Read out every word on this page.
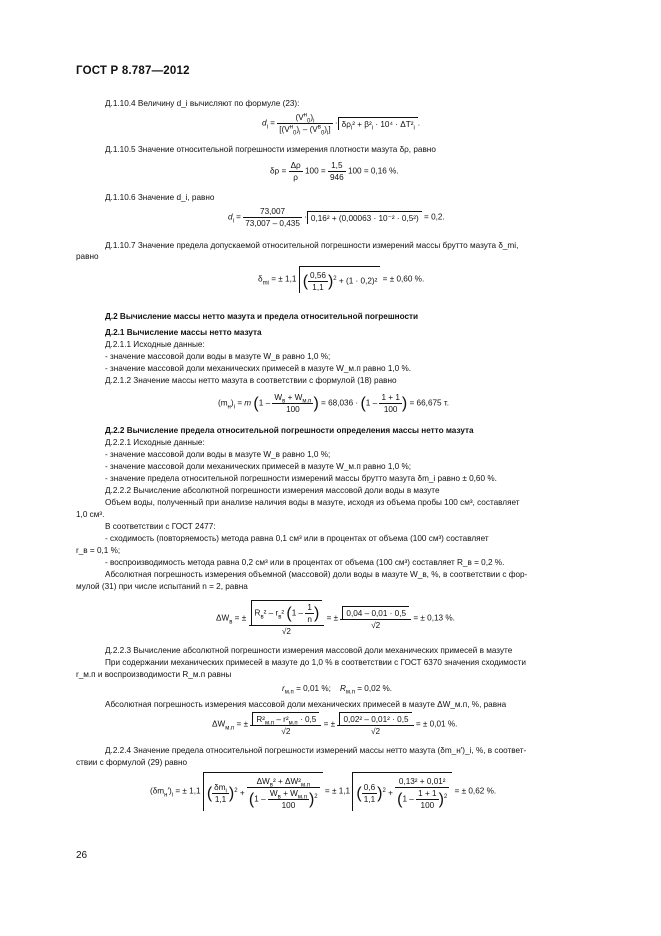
ГОСТ Р 8.787—2012
Д.1.10.4 Величину d_i вычисляют по формуле (23):
$d_i = \frac{(V^н_0)_i}{[(V^н_0)_i - (V^в_0)_i]} \cdot \delta\rho_i^2 + \beta^2_i \cdot 10^4 \cdot \Delta T^2_i$.
Д.1.10.5 Значение относительной погрешности измерения плотности мазута δρ, равно
$\delta\rho = \frac{\Delta\rho}{\rho} 100 = \frac{1,5}{946} 100 = 0,16$ %.
Д.1.10.6 Значение d_i, равно
$d_i = \frac{73,007}{73,007 - 0,435} \cdot 0,16^2 + (0,00063 \cdot 10^{-2} \cdot 0,5^2) = 0,2$.
Д.1.10.7 Значение предела допускаемой относительной погрешности измерений массы брутто мазута δ_mi,
равно
$\delta_{mi}$ = ± 1,1 ( $\frac{0,56}{1,1} )^2 + (1 \cdot 0,2)^2$ = ± 0,60 %.
Д.2 Вычисление массы нетто мазута и предела относительной погрешности
Д.2.1 Вычисление массы нетто мазута
Д.2.1.1 Исходные данные:
- значение массовой доли воды в мазуте W_в равно 1,0 %;
- значение массовой доли механических примесей в мазуте W_м.п равно 1,0 %.
Д.2.1.2 Значение массы нетто мазута в соответствии с формулой (18) равно
$(m_н)_i = m$ ($1 - \frac{W_в + W_{м.п}}{100}$ ) = $68,036 \cdot (1 - \frac{1 + 1}{100}$ ) = 66,675 т.
Д.2.2 Вычисление предела относительной погрешности определения массы нетто мазута
Д.2.2.1 Исходные данные:
- значение массовой доли воды в мазуте W_в равно 1,0 %;
- значение массовой доли механических примесей в мазуте W_м.п равно 1,0 %;
- значение предела относительной погрешности измерений массы брутто мазута δm_i равно ± 0,60 %.
Д.2.2.2 Вычисление абсолютной погрешности измерения массовой доли воды в мазуте
Объем воды, полученный при анализе наличия воды в мазуте, исходя из объема пробы 100 см³, составляет
1,0 см³.
В соответствии с ГОСТ 2477:
- сходимость (повторяемость) метода равна 0,1 см³ или в процентах от объема (100 см³) составляет
r_в = 0,1 %;
- воспроизводимость метода равна 0,2 см³ или в процентах от объема (100 см³) составляет R_в = 0,2 %.
Абсолютная погрешность измерения объемной (массовой) доли воды в мазуте W_в, %, в соответствии с фор-
мулой (31) при числе испытаний n = 2, равна
$\Delta W_в$ = ± $\frac{R_в^2 - r_в^2 (1 - \frac{1}{n} )}{√2}$ = ± $\frac{0,04 - 0,01 \cdot 0,5}{√2}$ = ± 0,13 %.
Д.2.2.3 Вычисление абсолютной погрешности измерения массовой доли механических примесей в мазуте
При содержании механических примесей в мазуте до 1,0 % в соответствии с ГОСТ 6370 значения сходимости
r_м.п и воспроизводимости R_м.п равны
$r_{м.п} = 0,01$ %; $R_{м.п} = 0,02$ %.
Абсолютная погрешность измерения массовой доли механических примесей в мазуте ΔW_м.п, %, равна
$\Delta W_{м.п}$ = ± $\frac{R^2_{м.п} - r^2_{м.п} \cdot 0,5}{√2}$ = ± $\frac{\text{0,02² – 0,01² · 0,5}}{√2}$ = ± 0,01 %.
Д.2.2.4 Значение предела относительной погрешности измерений массы нетто мазута (δm_н')_i, %, в соответ-
ствии с формулой (29) равно
$(\delta m_н')_i$ = ± 1,1 ( $\frac{\delta m_i}{1,1} )^2 + \frac{\Delta W_в^2 + \Delta W^2_{м.п}}{(1 - \frac{W_в + W_{м.п}}{100} )^2}$ = ± 1,1 ( $\frac{0,6}{1,1} )^2 + \frac{\text{0,13² + 0,01²}}{(1 - \frac{1 + 1}{100} )^2}$ = ± 0,62 %.
26
